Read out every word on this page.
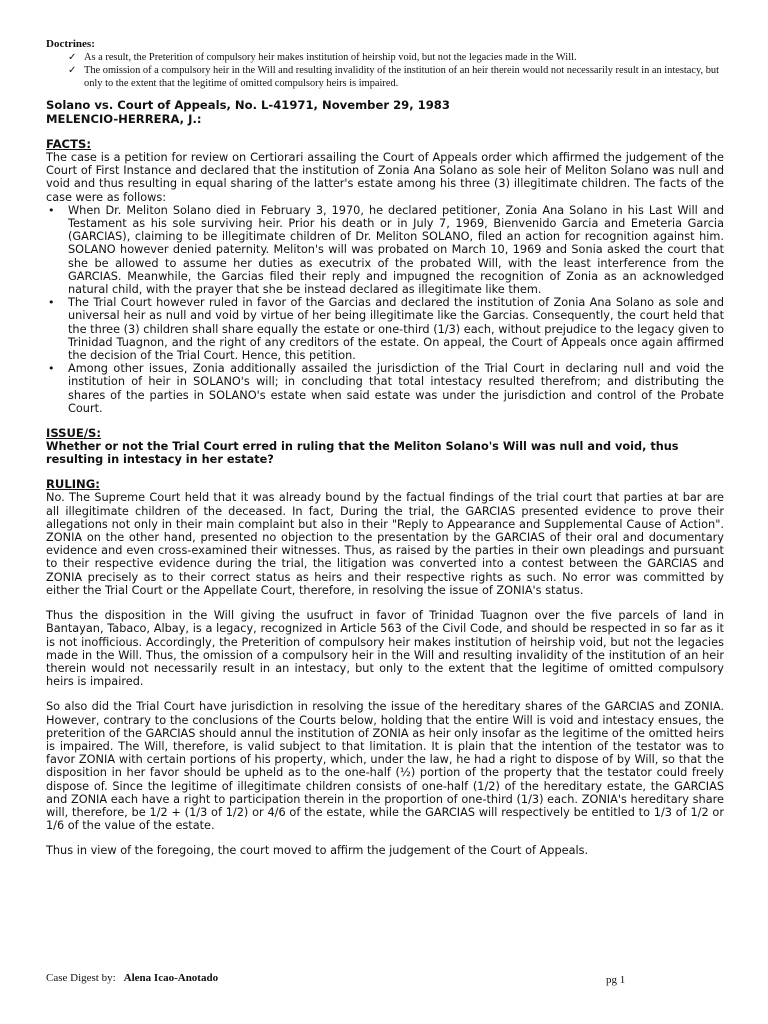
Doctrines:
✓ As a result, the Preterition of compulsory heir makes institution of heirship void, but not the legacies made in the Will.
✓ The omission of a compulsory heir in the Will and resulting invalidity of the institution of an heir therein would not necessarily result in an intestacy, but only to the extent that the legitime of omitted compulsory heirs is impaired.
Solano vs. Court of Appeals, No. L-41971, November 29, 1983
MELENCIO-HERRERA, J.:
FACTS:

The case is a petition for review on Certiorari assailing the Court of Appeals order which affirmed the judgement of the Court of First Instance and declared that the institution of Zonia Ana Solano as sole heir of Meliton Solano was null and void and thus resulting in equal sharing of the latter's estate among his three (3) illegitimate children. The facts of the case were as follows:

• When Dr. Meliton Solano died in February 3, 1970, he declared petitioner, Zonia Ana Solano in his Last Will and Testament as his sole surviving heir. Prior his death or in July 7, 1969, Bienvenido Garcia and Emeteria Garcia (GARCIAS), claiming to be illegitimate children of Dr. Meliton SOLANO, filed an action for recognition against him. SOLANO however denied paternity. Meliton's will was probated on March 10, 1969 and Sonia asked the court that she be allowed to assume her duties as executrix of the probated Will, with the least interference from the GARCIAS. Meanwhile, the Garcias filed their reply and impugned the recognition of Zonia as an acknowledged natural child, with the prayer that she be instead declared as illegitimate like them.
• The Trial Court however ruled in favor of the Garcias and declared the institution of Zonia Ana Solano as sole and universal heir as null and void by virtue of her being illegitimate like the Garcias. Consequently, the court held that the three (3) children shall share equally the estate or one-third (1/3) each, without prejudice to the legacy given to Trinidad Tuagnon, and the right of any creditors of the estate. On appeal, the Court of Appeals once again affirmed the decision of the Trial Court. Hence, this petition.
• Among other issues, Zonia additionally assailed the jurisdiction of the Trial Court in declaring null and void the institution of heir in SOLANO's will; in concluding that total intestacy resulted therefrom; and distributing the shares of the parties in SOLANO's estate when said estate was under the jurisdiction and control of the Probate Court.
ISSUE/S:

Whether or not the Trial Court erred in ruling that the Meliton Solano's Will was null and void, thus resulting in intestacy in her estate?

RULING:

No. The Supreme Court held that it was already bound by the factual findings of the trial court that parties at bar are all illegitimate children of the deceased. In fact, During the trial, the GARCIAS presented evidence to prove their allegations not only in their main complaint but also in their "Reply to Appearance and Supplemental Cause of Action". ZONIA on the other hand, presented no objection to the presentation by the GARCIAS of their oral and documentary evidence and even cross-examined their witnesses. Thus, as raised by the parties in their own pleadings and pursuant to their respective evidence during the trial, the litigation was converted into a contest between the GARCIAS and ZONIA precisely as to their correct status as heirs and their respective rights as such. No error was committed by either the Trial Court or the Appellate Court, therefore, in resolving the issue of ZONIA's status.

Thus the disposition in the Will giving the usufruct in favor of Trinidad Tuagnon over the five parcels of land in Bantayan, Tabaco, Albay, is a legacy, recognized in Article 563 of the Civil Code, and should be respected in so far as it is not inofficious. Accordingly, the Preterition of compulsory heir makes institution of heirship void, but not the legacies made in the Will. Thus, the omission of a compulsory heir in the Will and resulting invalidity of the institution of an heir therein would not necessarily result in an intestacy, but only to the extent that the legitime of omitted compulsory heirs is impaired.

So also did the Trial Court have jurisdiction in resolving the issue of the hereditary shares of the GARCIAS and ZONIA. However, contrary to the conclusions of the Courts below, holding that the entire Will is void and intestacy ensues, the preterition of the GARCIAS should annul the institution of ZONIA as heir only insofar as the legitime of the omitted heirs is impaired. The Will, therefore, is valid subject to that limitation. It is plain that the intention of the testator was to favor ZONIA with certain portions of his property, which, under the law, he had a right to dispose of by Will, so that the disposition in her favor should be upheld as to the one-half (½) portion of the property that the testator could freely dispose of. Since the legitime of illegitimate children consists of one-half (1/2) of the hereditary estate, the GARCIAS and ZONIA each have a right to participation therein in the proportion of one-third (1/3) each. ZONIA's hereditary share will, therefore, be 1/2 + (1/3 of 1/2) or 4/6 of the estate, while the GARCIAS will respectively be entitled to 1/3 of 1/2 or 1/6 of the value of the estate.

Thus in view of the foregoing, the court moved to affirm the judgement of the Court of Appeals.

Case Digest by: Alena Icao-Anotado	pg 1
